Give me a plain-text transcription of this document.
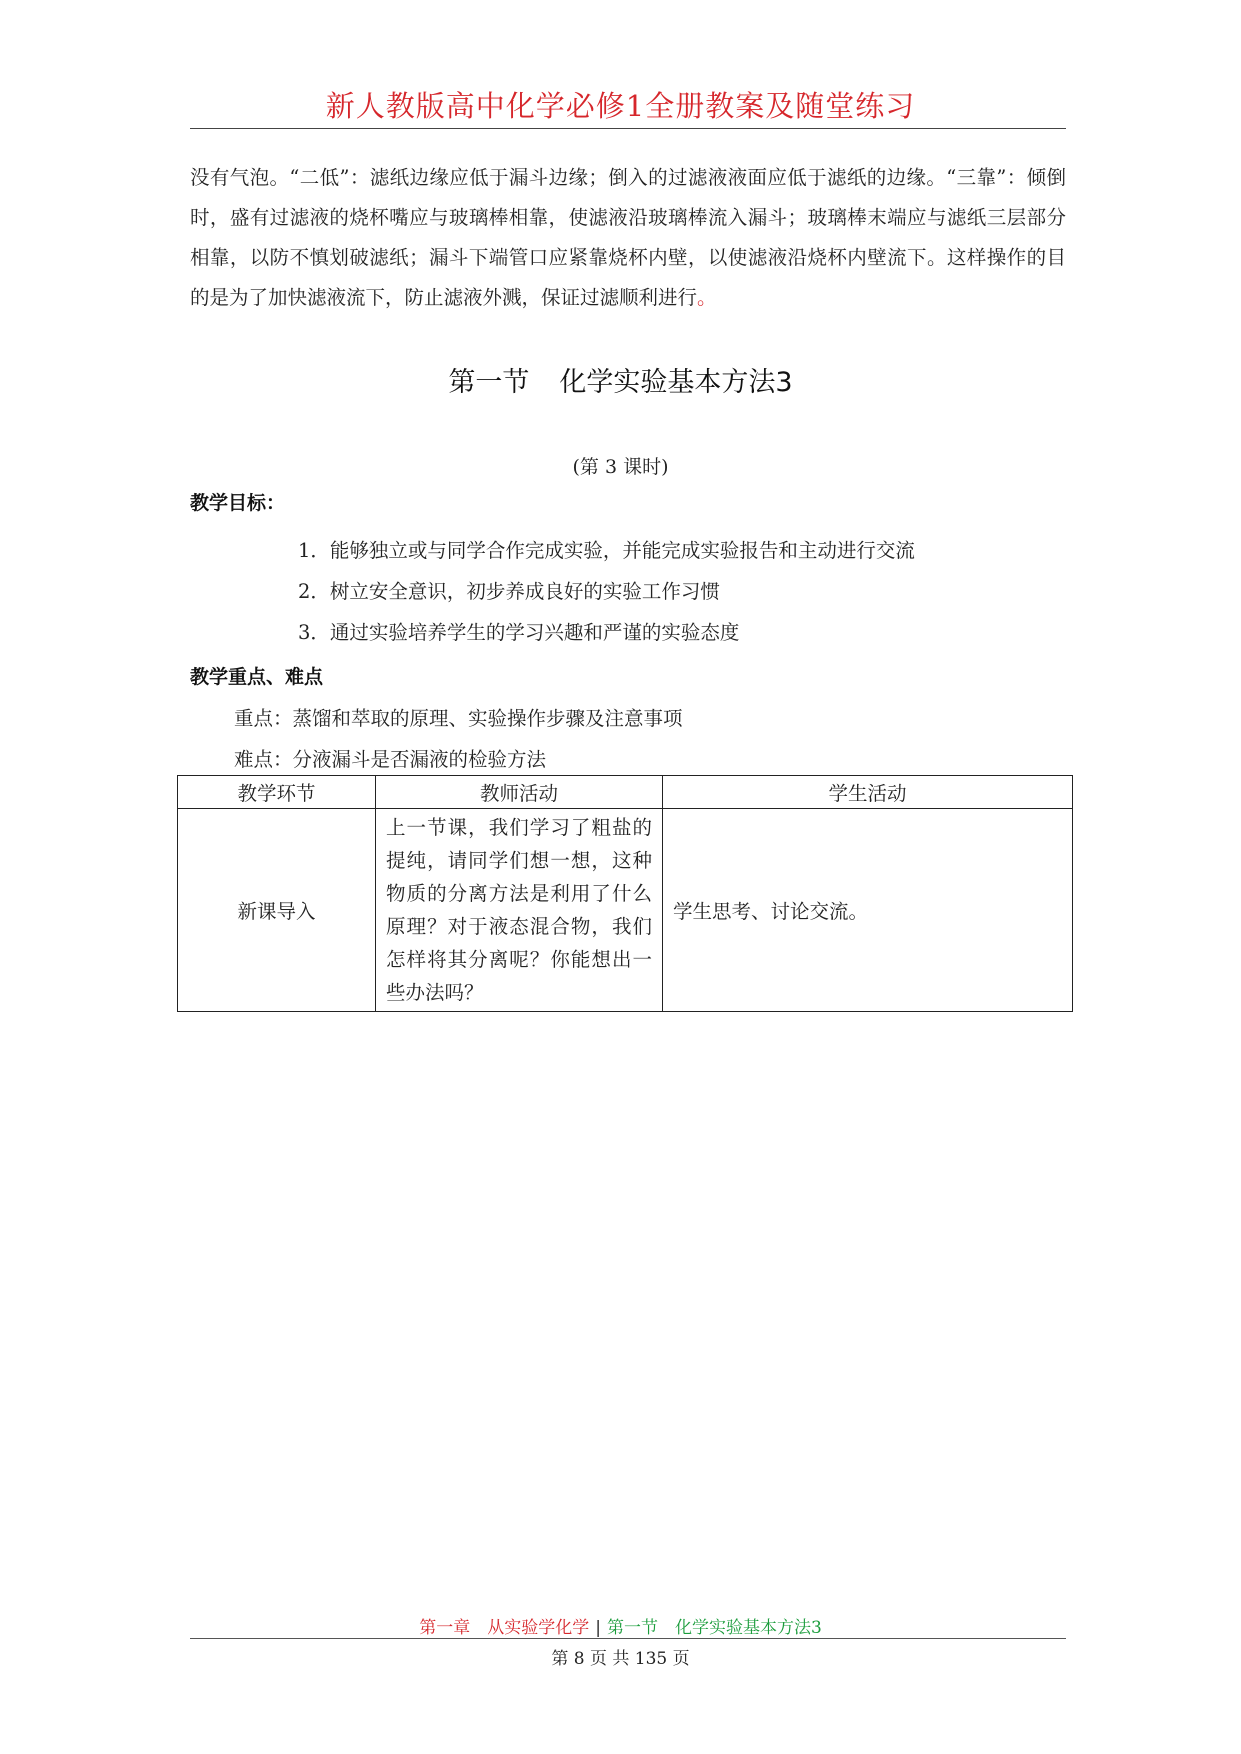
新人教版高中化学必修1全册教案及随堂练习
没有气泡。“二低”：滤纸边缘应低于漏斗边缘；倒入的过滤液液面应低于滤纸的边缘。“三靠”：倾倒时，盛有过滤液的烧杯嘴应与玻璃棒相靠，使滤液沿玻璃棒流入漏斗；玻璃棒末端应与滤纸三层部分相靠，以防不慎划破滤纸；漏斗下端管口应紧靠烧杯内壁，以使滤液沿烧杯内壁流下。这样操作的目的是为了加快滤液流下，防止滤液外溅，保证过滤顺利进行。
第一节 化学实验基本方法3
(第 3 课时)
教学目标：
1．能够独立或与同学合作完成实验，并能完成实验报告和主动进行交流
2．树立安全意识，初步养成良好的实验工作习惯
3．通过实验培养学生的学习兴趣和严谨的实验态度
教学重点、难点
重点：蒸馏和萃取的原理、实验操作步骤及注意事项
难点：分液漏斗是否漏液的检验方法
教学环节	教师活动	学生活动
新课导入	上一节课，我们学习了粗盐的提纯，请同学们想一想，这种物质的分离方法是利用了什么原理？对于液态混合物，我们怎样将其分离呢？你能想出一些办法吗？	学生思考、讨论交流。
第一章　从实验学化学 | 第一节　化学实验基本方法3
第 8 页 共 135 页
